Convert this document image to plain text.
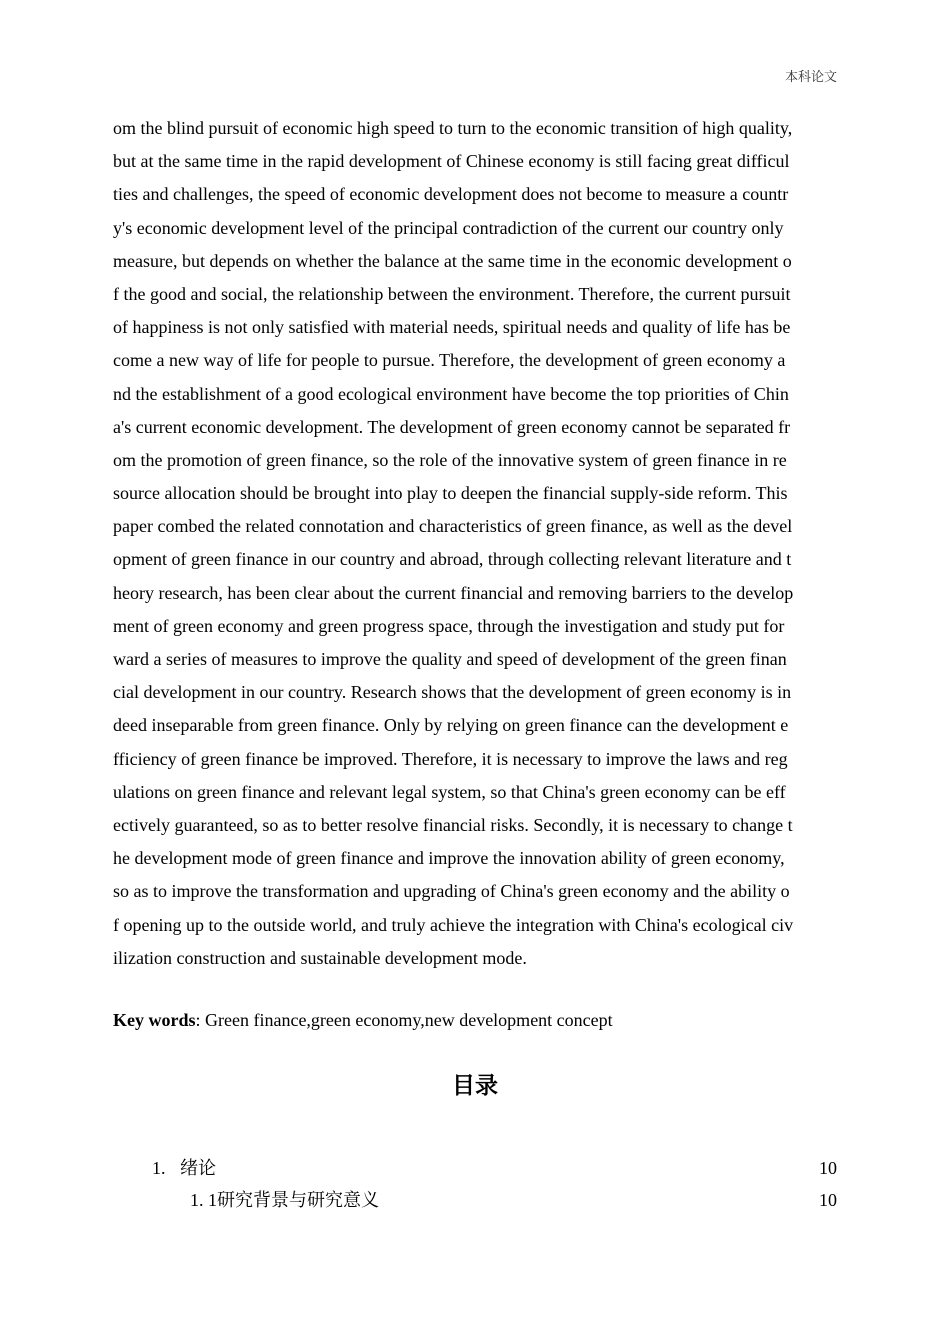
本科论文
om the blind pursuit of economic high speed to turn to the economic transition of high quality,
but at the same time in the rapid development of Chinese economy is still facing great difficul
ties and challenges, the speed of economic development does not become to measure a countr
y's economic development level of the principal contradiction of the current our country only
measure, but depends on whether the balance at the same time in the economic development o
f the good and social, the relationship between the environment. Therefore, the current pursuit
of happiness is not only satisfied with material needs, spiritual needs and quality of life has be
come a new way of life for people to pursue. Therefore, the development of green economy a
nd the establishment of a good ecological environment have become the top priorities of Chin
a's current economic development. The development of green economy cannot be separated fr
om the promotion of green finance, so the role of the innovative system of green finance in re
source allocation should be brought into play to deepen the financial supply-side reform. This
paper combed the related connotation and characteristics of green finance, as well as the devel
opment of green finance in our country and abroad, through collecting relevant literature and t
heory research, has been clear about the current financial and removing barriers to the develop
ment of green economy and green progress space, through the investigation and study put for
ward a series of measures to improve the quality and speed of development of the green finan
cial development in our country. Research shows that the development of green economy is in
deed inseparable from green finance. Only by relying on green finance can the development e
fficiency of green finance be improved. Therefore, it is necessary to improve the laws and reg
ulations on green finance and relevant legal system, so that China's green economy can be eff
ectively guaranteed, so as to better resolve financial risks. Secondly, it is necessary to change t
he development mode of green finance and improve the innovation ability of green economy,
so as to improve the transformation and upgrading of China's green economy and the ability o
f opening up to the outside world, and truly achieve the integration with China's ecological civ
ilization construction and sustainable development mode.
Key words: Green finance,green economy,new development concept
目录
1. 绪论	10
1. 1研究背景与研究意义	10
